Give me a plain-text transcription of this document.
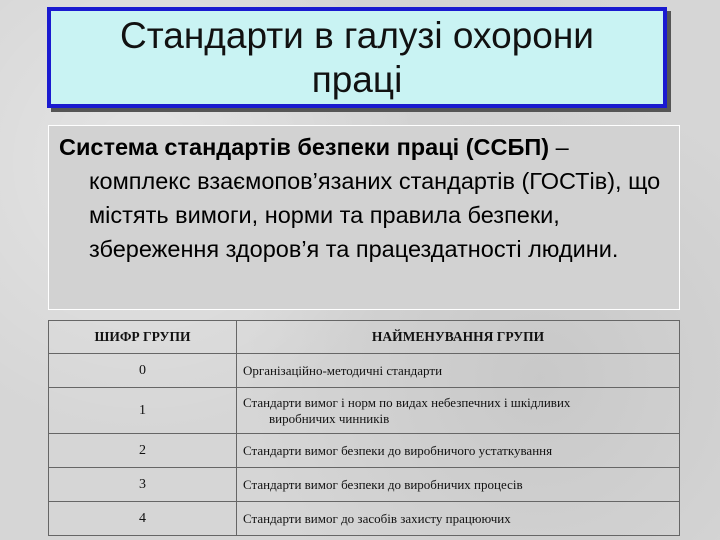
Стандарти в галузі охорони праці

Система стандартів безпеки праці (ССБП) – комплекс взаємопов’язаних стандартів (ГОСТів), що містять вимоги, норми та правила безпеки, збереження здоров’я та працездатності людини.

ШИФР ГРУПИ	НАЙМЕНУВАННЯ ГРУПИ
0	Організаційно-методичні стандарти
1	Стандарти вимог і норм по видах небезпечних і шкідливих
виробничих чинників

2	Стандарти вимог безпеки до виробничого устаткування
3	Стандарти вимог безпеки до виробничих процесів
4	Стандарти вимог до засобів захисту працюючих
